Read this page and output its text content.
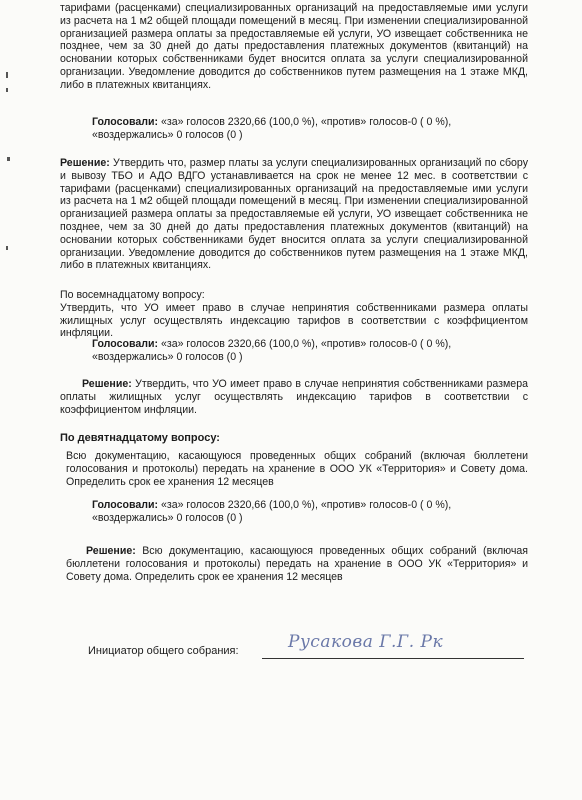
тарифами (расценками) специализированных организаций на предоставляемые ими услуги из расчета на 1 м2 общей площади помещений в месяц. При изменении специализированной организацией размера оплаты за предоставляемые ей услуги, УО извещает собственника не позднее, чем за 30 дней до даты предоставления платежных документов (квитанций) на основании которых собственниками будет вносится оплата за услуги специализированной организации. Уведомление доводится до собственников путем размещения на 1 этаже МКД, либо в платежных квитанциях.

Голосовали: «за» голосов 2320,66 (100,0 %), «против» голосов-0 ( 0 %), «воздержались» 0 голосов (0 )

Решение: Утвердить что, размер платы за услуги специализированных организаций по сбору и вывозу ТБО и АДО ВДГО устанавливается на срок не менее 12 мес. в соответствии с тарифами (расценками) специализированных организаций на предоставляемые ими услуги из расчета на 1 м2 общей площади помещений в месяц. При изменении специализированной организацией размера оплаты за предоставляемые ей услуги, УО извещает собственника не позднее, чем за 30 дней до даты предоставления платежных документов (квитанций) на основании которых собственниками будет вносится оплата за услуги специализированной организации. Уведомление доводится до собственников путем размещения на 1 этаже МКД, либо в платежных квитанциях.

По восемнадцатому вопросу:
Утвердить, что УО имеет право в случае непринятия собственниками размера оплаты жилищных услуг осуществлять индексацию тарифов в соответствии с коэффициентом инфляции.

Голосовали: «за» голосов 2320,66 (100,0 %), «против» голосов-0 ( 0 %), «воздержались» 0 голосов (0 )

Решение: Утвердить, что УО имеет право в случае непринятия собственниками размера оплаты жилищных услуг осуществлять индексацию тарифов в соответствии с коэффициентом инфляции.

По девятнадцатому вопросу:

Всю документацию, касающуюся проведенных общих собраний (включая бюллетени голосования и протоколы) передать на хранение в ООО УК «Территория» и Совету дома. Определить срок ее хранения 12 месяцев

Голосовали: «за» голосов 2320,66 (100,0 %), «против» голосов-0 ( 0 %), «воздержались» 0 голосов (0 )

Решение: Всю документацию, касающуюся проведенных общих собраний (включая бюллетени голосования и протоколы) передать на хранение в ООО УК «Территория» и Совету дома. Определить срок ее хранения 12 месяцев

Инициатор общего собрания:	Русакова Г.Г. Рк
